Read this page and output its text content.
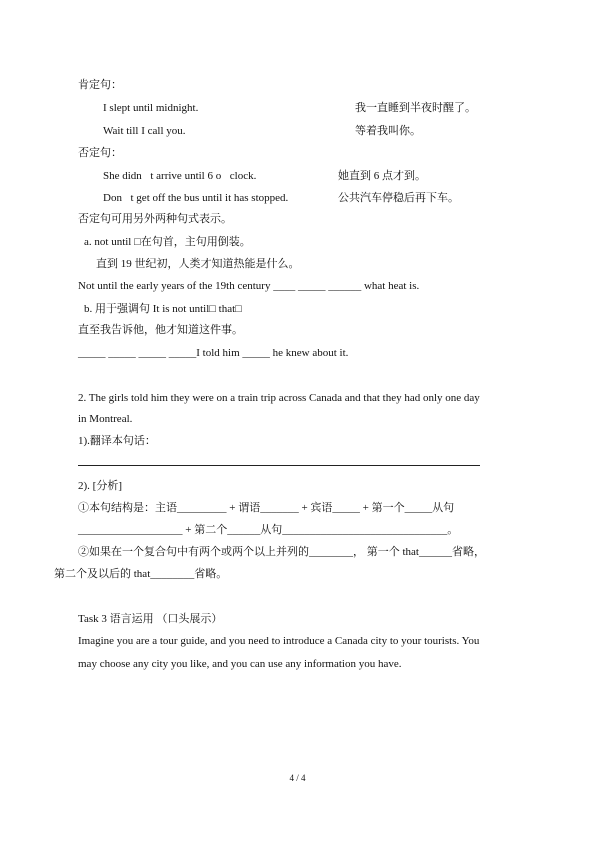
肯定句：
I slept until midnight.	我一直睡到半夜时醒了。
Wait till I call you.	等着我叫你。
否定句：
She didn t arrive until 6 o clock.	她直到 6 点才到。
Don t get off the bus until it has stopped.	公共汽车停稳后再下车。
否定句可用另外两种句式表示。
a. not until □在句首，主句用倒装。
直到 19 世纪初，人类才知道热能是什么。
Not until the early years of the 19th century ____ _____ ______ what heat is.
b. 用于强调句 It is not until□ that□
直至我告诉他，他才知道这件事。
_____ _____ _____ _____I told him _____ he knew about it.
2. The girls told him they were on a train trip across Canada and that they had only one day
in Montreal.
1).翻译本句话：
2). [分析]
①本句结构是：主语_________ + 谓语_______ + 宾语_____ + 第一个_____从句
___________________ + 第二个______从句______________________________。
②如果在一个复合句中有两个或两个以上并列的________， 第一个 that______省略，
第二个及以后的 that________省略。
Task 3 语言运用 （口头展示）
Imagine you are a tour guide, and you need to introduce a Canada city to your tourists. You
may choose any city you like, and you can use any information you have.
4 / 4
